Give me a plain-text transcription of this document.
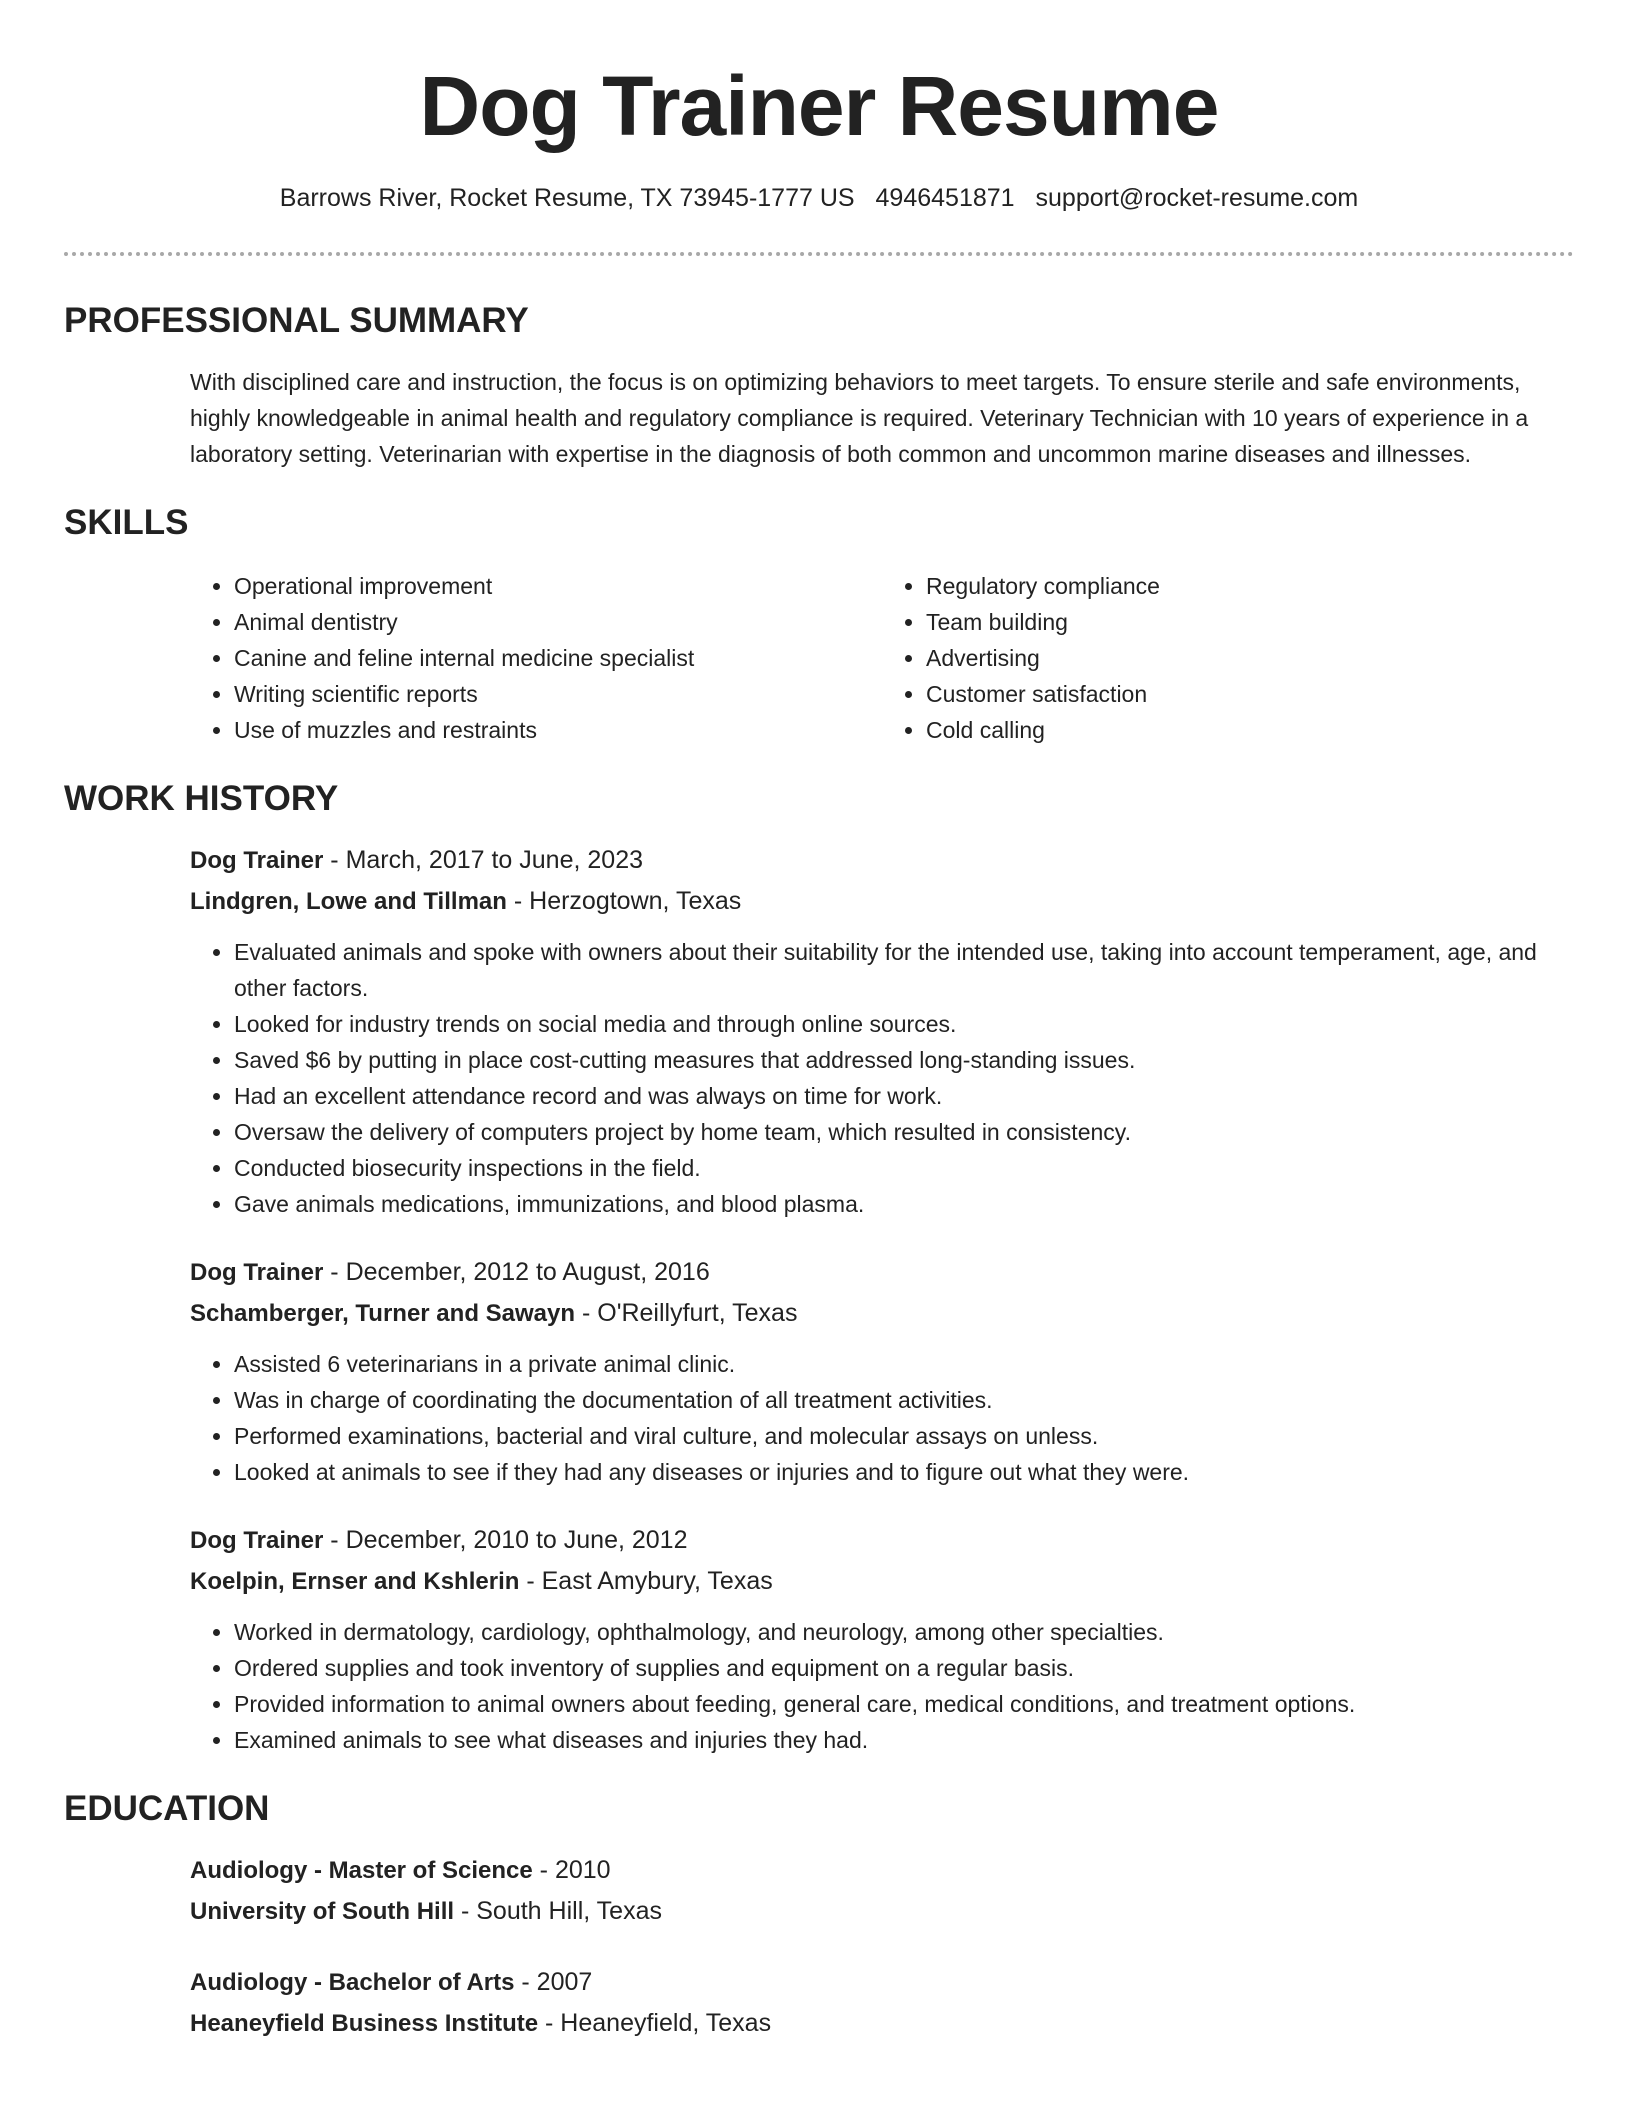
Dog Trainer Resume
Barrows River, Rocket Resume, TX 73945-1777 US 4946451871 support@rocket-resume.com
PROFESSIONAL SUMMARY

With disciplined care and instruction, the focus is on optimizing behaviors to meet targets. To ensure sterile and safe environments, highly knowledgeable in animal health and regulatory compliance is required. Veterinary Technician with 10 years of experience in a laboratory setting. Veterinarian with expertise in the diagnosis of both common and uncommon marine diseases and illnesses.

SKILLS
• Operational improvement
• Animal dentistry
• Canine and feline internal medicine specialist
• Writing scientific reports
• Use of muzzles and restraints
• Regulatory compliance
• Team building
• Advertising
• Customer satisfaction
• Cold calling
WORK HISTORY
Dog Trainer - March, 2017 to June, 2023
Lindgren, Lowe and Tillman - Herzogtown, Texas
• Evaluated animals and spoke with owners about their suitability for the intended use, taking into account temperament, age, and other factors.
• Looked for industry trends on social media and through online sources.
• Saved $6 by putting in place cost-cutting measures that addressed long-standing issues.
• Had an excellent attendance record and was always on time for work.
• Oversaw the delivery of computers project by home team, which resulted in consistency.
• Conducted biosecurity inspections in the field.
• Gave animals medications, immunizations, and blood plasma.
Dog Trainer - December, 2012 to August, 2016
Schamberger, Turner and Sawayn - O'Reillyfurt, Texas
• Assisted 6 veterinarians in a private animal clinic.
• Was in charge of coordinating the documentation of all treatment activities.
• Performed examinations, bacterial and viral culture, and molecular assays on unless.
• Looked at animals to see if they had any diseases or injuries and to figure out what they were.
Dog Trainer - December, 2010 to June, 2012
Koelpin, Ernser and Kshlerin - East Amybury, Texas
• Worked in dermatology, cardiology, ophthalmology, and neurology, among other specialties.
• Ordered supplies and took inventory of supplies and equipment on a regular basis.
• Provided information to animal owners about feeding, general care, medical conditions, and treatment options.
• Examined animals to see what diseases and injuries they had.
EDUCATION
Audiology - Master of Science - 2010
University of South Hill - South Hill, Texas
Audiology - Bachelor of Arts - 2007
Heaneyfield Business Institute - Heaneyfield, Texas
